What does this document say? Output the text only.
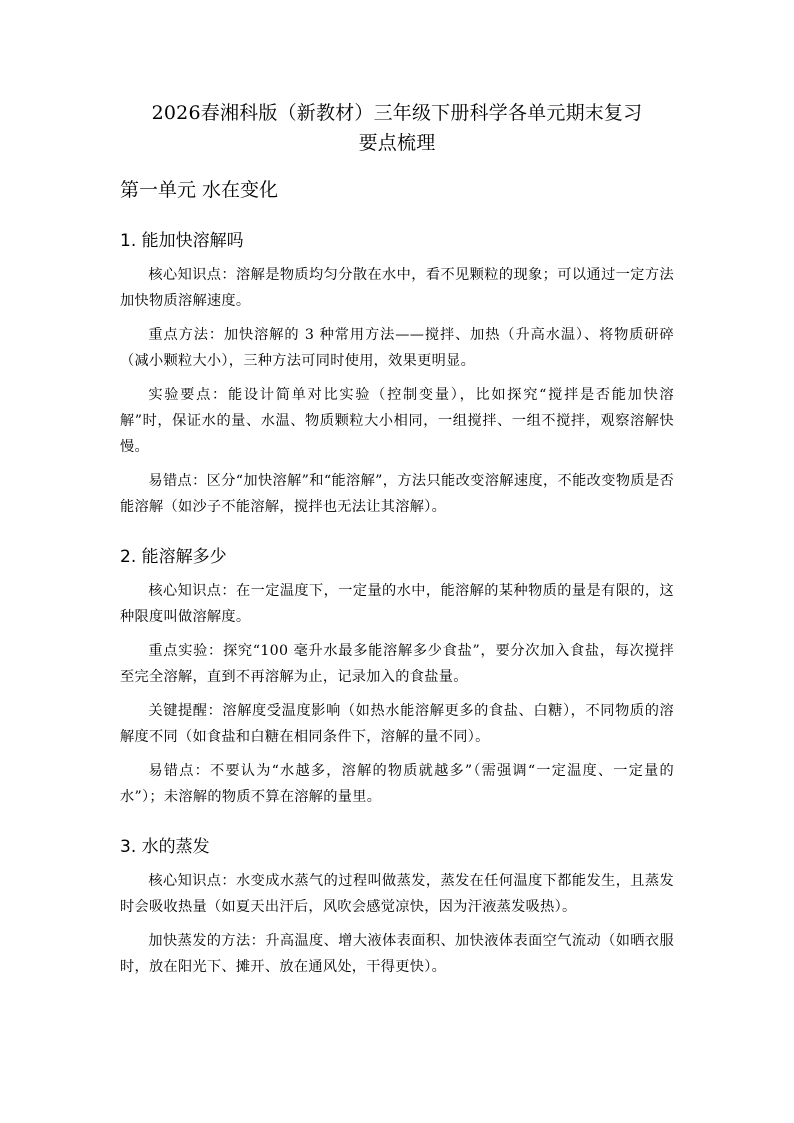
2026春湘科版（新教材）三年级下册科学各单元期末复习
要点梳理
第一单元 水在变化
1. 能加快溶解吗

核心知识点：溶解是物质均匀分散在水中，看不见颗粒的现象；可以通过一定方法加快物质溶解速度。

重点方法：加快溶解的 3 种常用方法——搅拌、加热（升高水温）、将物质研碎（减小颗粒大小），三种方法可同时使用，效果更明显。

实验要点：能设计简单对比实验（控制变量），比如探究“搅拌是否能加快溶解”时，保证水的量、水温、物质颗粒大小相同，一组搅拌、一组不搅拌，观察溶解快慢。

易错点：区分“加快溶解”和“能溶解”，方法只能改变溶解速度，不能改变物质是否能溶解（如沙子不能溶解，搅拌也无法让其溶解）。

2. 能溶解多少

核心知识点：在一定温度下，一定量的水中，能溶解的某种物质的量是有限的，这种限度叫做溶解度。

重点实验：探究“100 毫升水最多能溶解多少食盐”，要分次加入食盐，每次搅拌至完全溶解，直到不再溶解为止，记录加入的食盐量。

关键提醒：溶解度受温度影响（如热水能溶解更多的食盐、白糖），不同物质的溶解度不同（如食盐和白糖在相同条件下，溶解的量不同）。

易错点：不要认为“水越多，溶解的物质就越多”（需强调“一定温度、一定量的水”）；未溶解的物质不算在溶解的量里。

3. 水的蒸发

核心知识点：水变成水蒸气的过程叫做蒸发，蒸发在任何温度下都能发生，且蒸发时会吸收热量（如夏天出汗后，风吹会感觉凉快，因为汗液蒸发吸热）。

加快蒸发的方法：升高温度、增大液体表面积、加快液体表面空气流动（如晒衣服时，放在阳光下、摊开、放在通风处，干得更快）。
